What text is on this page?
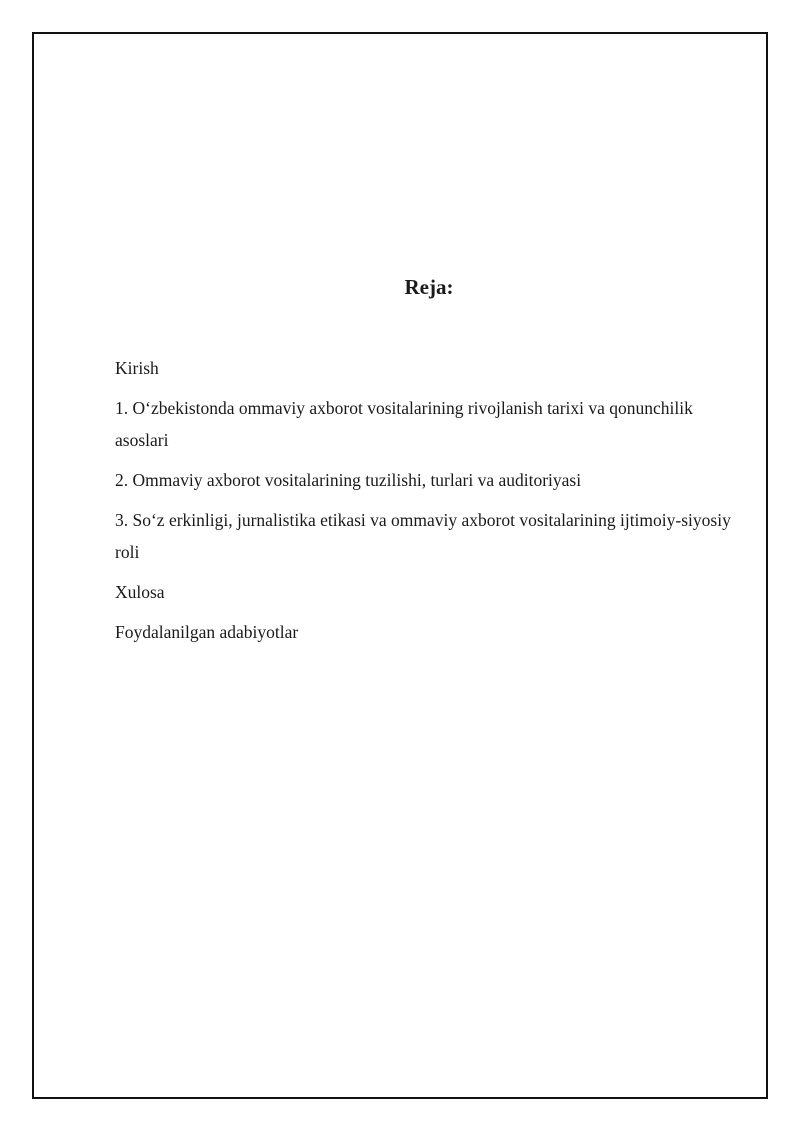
Reja:
Kirish
1. O‘zbekistonda ommaviy axborot vositalarining rivojlanish tarixi va qonunchilik asoslari
2. Ommaviy axborot vositalarining tuzilishi, turlari va auditoriyasi
3. So‘z erkinligi, jurnalistika etikasi va ommaviy axborot vositalarining ijtimoiy-siyosiy roli
Xulosa
Foydalanilgan adabiyotlar
